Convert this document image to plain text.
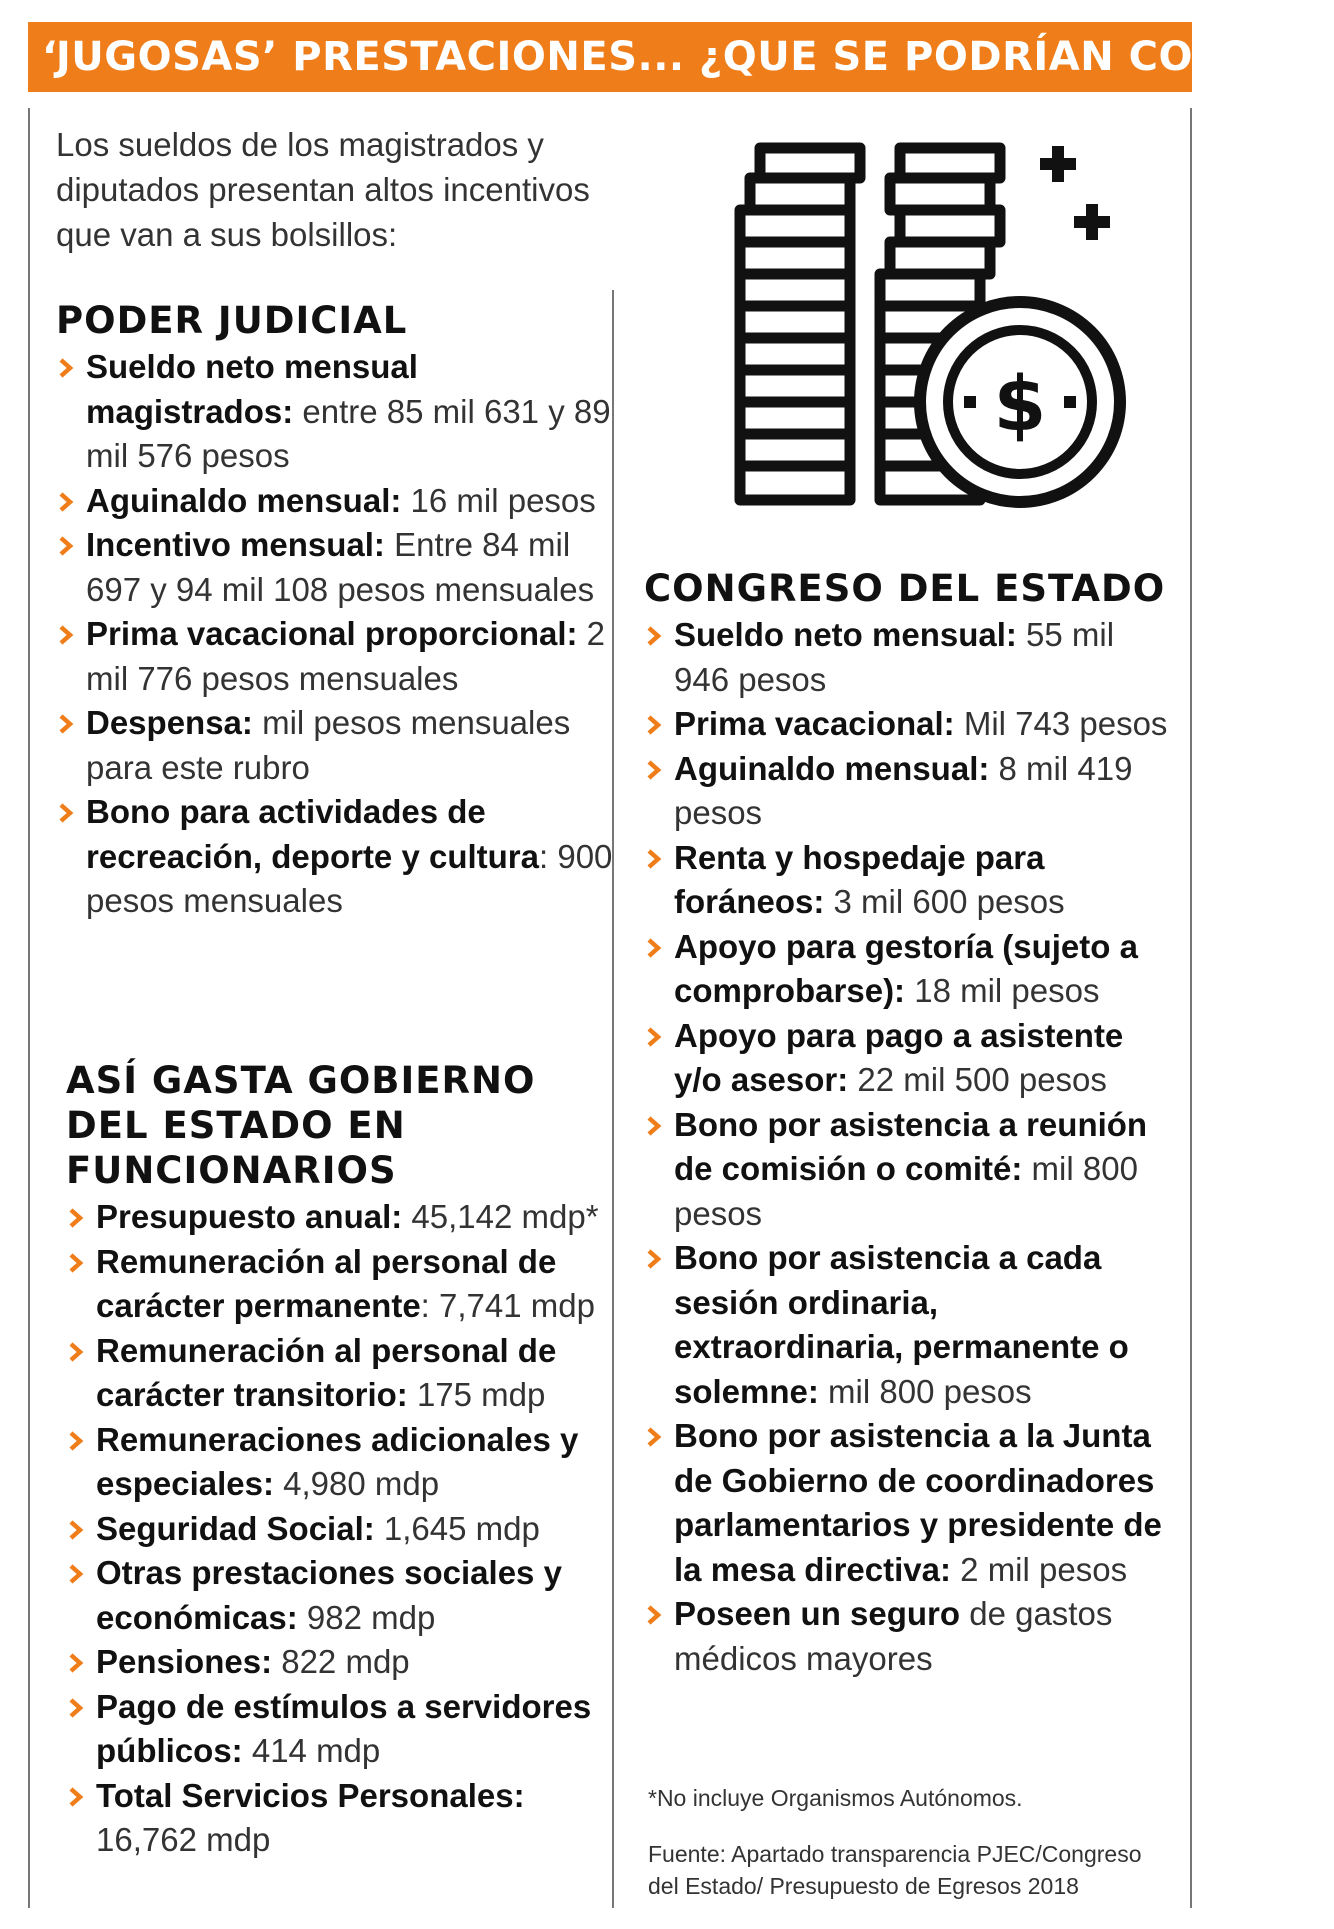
‘JUGOSAS’ PRESTACIONES... ¿QUE SE PODRÍAN CORTAR?
Los sueldos de los magistrados y diputados presentan altos incentivos que van a sus bolsillos:
$
PODER JUDICIAL
Sueldo neto mensual magistrados: entre 85 mil 631 y 89 mil 576 pesos
Aguinaldo mensual: 16 mil pesos
Incentivo mensual: Entre 84 mil 697 y 94 mil 108 pesos mensuales
Prima vacacional proporcional: 2 mil 776 pesos mensuales
Despensa: mil pesos mensuales para este rubro
Bono para actividades de recreación, deporte y cultura: 900 pesos mensuales
ASÍ GASTA GOBIERNO DEL ESTADO EN FUNCIONARIOS
Presupuesto anual: 45,142 mdp*
Remuneración al personal de carácter permanente: 7,741 mdp
Remuneración al personal de carácter transitorio: 175 mdp
Remuneraciones adicionales y especiales: 4,980 mdp
Seguridad Social: 1,645 mdp
Otras prestaciones sociales y económicas: 982 mdp
Pensiones: 822 mdp
Pago de estímulos a servidores públicos: 414 mdp
Total Servicios Personales: 16,762 mdp
CONGRESO DEL ESTADO
Sueldo neto mensual: 55 mil 946 pesos
Prima vacacional: Mil 743 pesos
Aguinaldo mensual: 8 mil 419 pesos
Renta y hospedaje para foráneos: 3 mil 600 pesos
Apoyo para gestoría (sujeto a comprobarse): 18 mil pesos
Apoyo para pago a asistente y/o asesor: 22 mil 500 pesos
Bono por asistencia a reunión de comisión o comité: mil 800 pesos
Bono por asistencia a cada sesión ordinaria, extraordinaria, permanente o solemne: mil 800 pesos
Bono por asistencia a la Junta de Gobierno de coordinadores parlamentarios y presidente de la mesa directiva: 2 mil pesos
Poseen un seguro de gastos médicos mayores
*No incluye Organismos Autónomos.
Fuente: Apartado transparencia PJEC/Congreso del Estado/ Presupuesto de Egresos 2018
